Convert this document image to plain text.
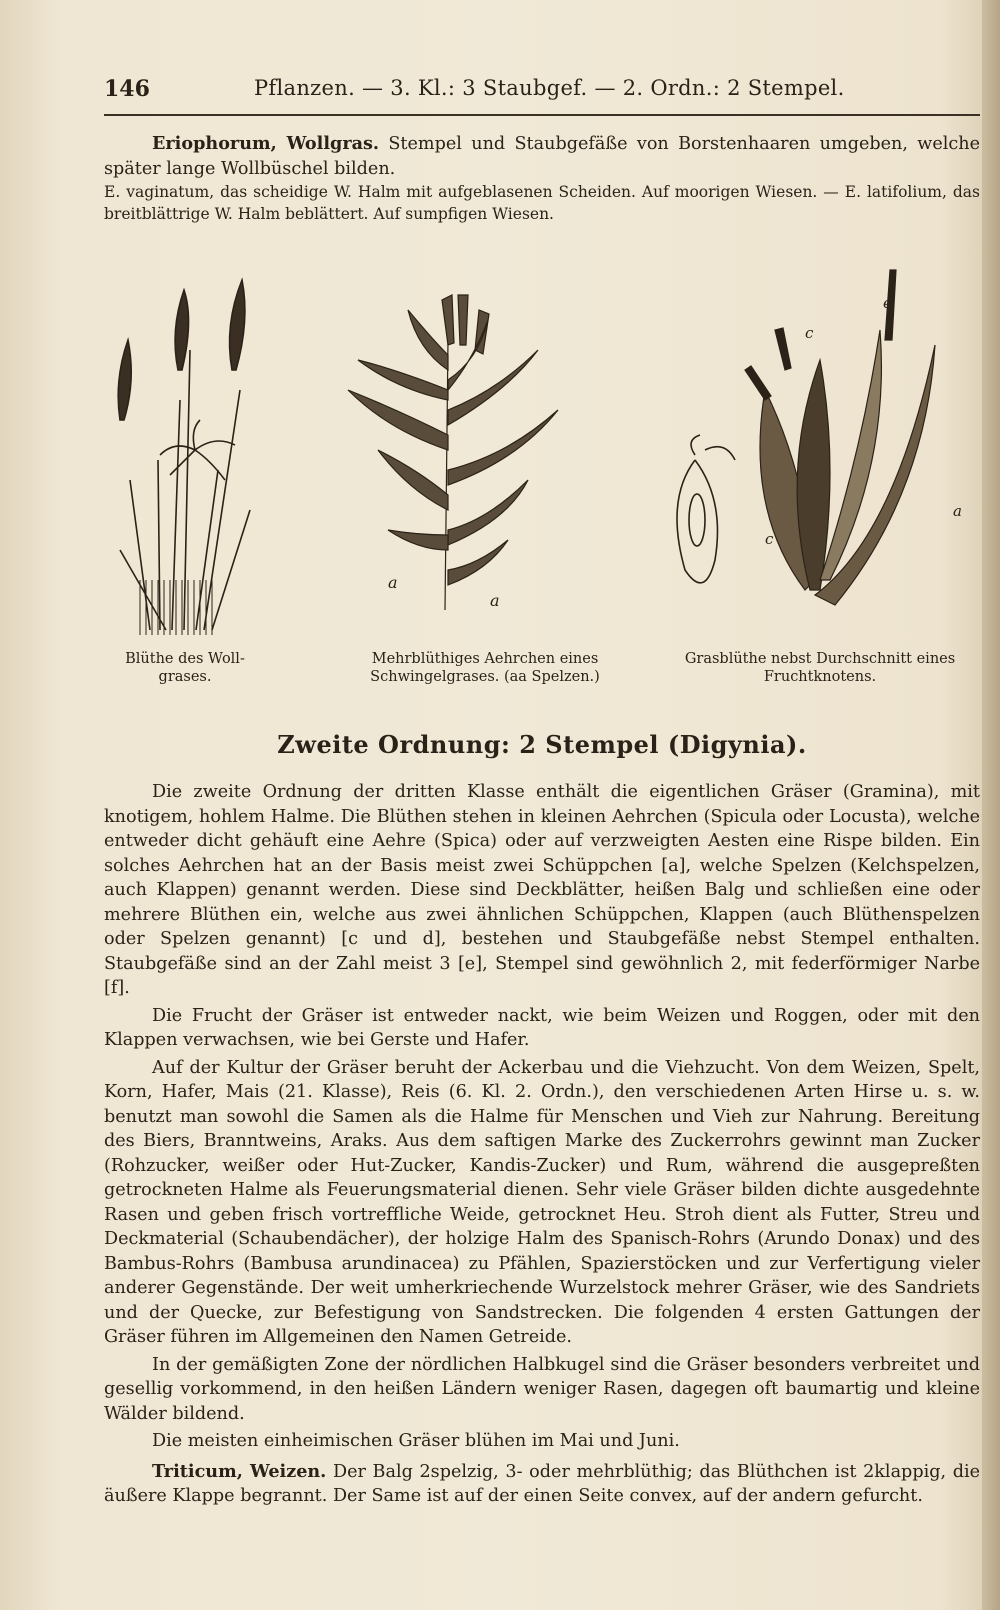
146	Pflanzen. — 3. Kl.: 3 Staubgef. — 2. Ordn.: 2 Stempel.

Eriophorum, Wollgras. Stempel und Staubgefäße von Borstenhaaren umgeben, welche später lange Wollbüschel bilden.

E. vaginatum, das scheidige W. Halm mit aufgeblasenen Scheiden. Auf moorigen Wiesen. — E. latifolium, das breitblättrige W. Halm beblättert. Auf sumpfigen Wiesen.

a
a
e
c
a
c
Blüthe des Woll-
grases.
Mehrblüthiges Aehrchen eines
Schwingelgrases. (aa Spelzen.)
Grasblüthe nebst Durchschnitt eines
Fruchtknotens.
Zweite Ordnung: 2 Stempel (Digynia).

Die zweite Ordnung der dritten Klasse enthält die eigentlichen Gräser (Gramina), mit knotigem, hohlem Halme. Die Blüthen stehen in kleinen Aehrchen (Spicula oder Locusta), welche entweder dicht gehäuft eine Aehre (Spica) oder auf verzweigten Aesten eine Rispe bilden. Ein solches Aehrchen hat an der Basis meist zwei Schüppchen [a], welche Spelzen (Kelchspelzen, auch Klappen) genannt werden. Diese sind Deckblätter, heißen Balg und schließen eine oder mehrere Blüthen ein, welche aus zwei ähnlichen Schüppchen, Klappen (auch Blüthenspelzen oder Spelzen genannt) [c und d], bestehen und Staubgefäße nebst Stempel enthalten. Staubgefäße sind an der Zahl meist 3 [e], Stempel sind gewöhnlich 2, mit federförmiger Narbe [f].

Die Frucht der Gräser ist entweder nackt, wie beim Weizen und Roggen, oder mit den Klappen verwachsen, wie bei Gerste und Hafer.

Auf der Kultur der Gräser beruht der Ackerbau und die Viehzucht. Von dem Weizen, Spelt, Korn, Hafer, Mais (21. Klasse), Reis (6. Kl. 2. Ordn.), den verschiedenen Arten Hirse u. s. w. benutzt man sowohl die Samen als die Halme für Menschen und Vieh zur Nahrung. Bereitung des Biers, Branntweins, Araks. Aus dem saftigen Marke des Zuckerrohrs gewinnt man Zucker (Rohzucker, weißer oder Hut-Zucker, Kandis-Zucker) und Rum, während die ausgepreßten getrockneten Halme als Feuerungsmaterial dienen. Sehr viele Gräser bilden dichte ausgedehnte Rasen und geben frisch vortreffliche Weide, getrocknet Heu. Stroh dient als Futter, Streu und Deckmaterial (Schaubendächer), der holzige Halm des Spanisch-Rohrs (Arundo Donax) und des Bambus-Rohrs (Bambusa arundinacea) zu Pfählen, Spazierstöcken und zur Verfertigung vieler anderer Gegenstände. Der weit umherkriechende Wurzelstock mehrer Gräser, wie des Sandriets und der Quecke, zur Befestigung von Sandstrecken. Die folgenden 4 ersten Gattungen der Gräser führen im Allgemeinen den Namen Getreide.

In der gemäßigten Zone der nördlichen Halbkugel sind die Gräser besonders verbreitet und gesellig vorkommend, in den heißen Ländern weniger Rasen, dagegen oft baumartig und kleine Wälder bildend.

Die meisten einheimischen Gräser blühen im Mai und Juni.

Triticum, Weizen. Der Balg 2spelzig, 3- oder mehrblüthig; das Blüthchen ist 2klappig, die äußere Klappe begrannt. Der Same ist auf der einen Seite convex, auf der andern gefurcht.
